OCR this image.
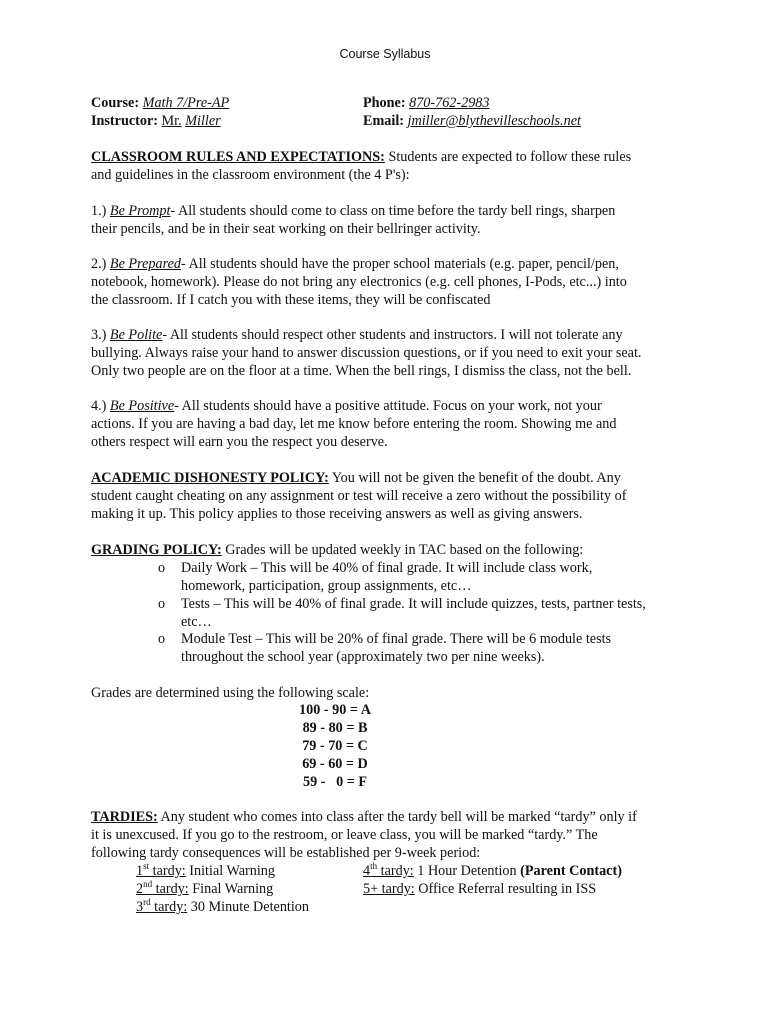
Course Syllabus
Course: Math 7/Pre-AP
Instructor: Mr. Miller
Phone: 870-762-2983
Email: jmiller@blythevilleschools.net
CLASSROOM RULES AND EXPECTATIONS: Students are expected to follow these rules
and guidelines in the classroom environment (the 4 P's):
1.) Be Prompt- All students should come to class on time before the tardy bell rings, sharpen
their pencils, and be in their seat working on their bellringer activity.
2.) Be Prepared- All students should have the proper school materials (e.g. paper, pencil/pen,
notebook, homework). Please do not bring any electronics (e.g. cell phones, I-Pods, etc...) into
the classroom. If I catch you with these items, they will be confiscated
3.) Be Polite- All students should respect other students and instructors. I will not tolerate any
bullying. Always raise your hand to answer discussion questions, or if you need to exit your seat.
Only two people are on the floor at a time. When the bell rings, I dismiss the class, not the bell.
4.) Be Positive- All students should have a positive attitude. Focus on your work, not your
actions. If you are having a bad day, let me know before entering the room. Showing me and
others respect will earn you the respect you deserve.
ACADEMIC DISHONESTY POLICY: You will not be given the benefit of the doubt. Any
student caught cheating on any assignment or test will receive a zero without the possibility of
making it up. This policy applies to those receiving answers as well as giving answers.
GRADING POLICY: Grades will be updated weekly in TAC based on the following:
o Daily Work – This will be 40% of final grade. It will include class work,
homework, participation, group assignments, etc…
o Tests – This will be 40% of final grade. It will include quizzes, tests, partner tests,
etc…
o Module Test – This will be 20% of final grade. There will be 6 module tests
throughout the school year (approximately two per nine weeks).
Grades are determined using the following scale:
100 - 90 = A
89 - 80 = B
79 - 70 = C
69 - 60 = D
59 -   0 = F
TARDIES: Any student who comes into class after the tardy bell will be marked “tardy” only if
it is unexcused. If you go to the restroom, or leave class, you will be marked “tardy.” The
following tardy consequences will be established per 9-week period:
1st tardy: Initial Warning
2nd tardy: Final Warning
3rd tardy: 30 Minute Detention
4th tardy: 1 Hour Detention (Parent Contact)
5+ tardy: Office Referral resulting in ISS
